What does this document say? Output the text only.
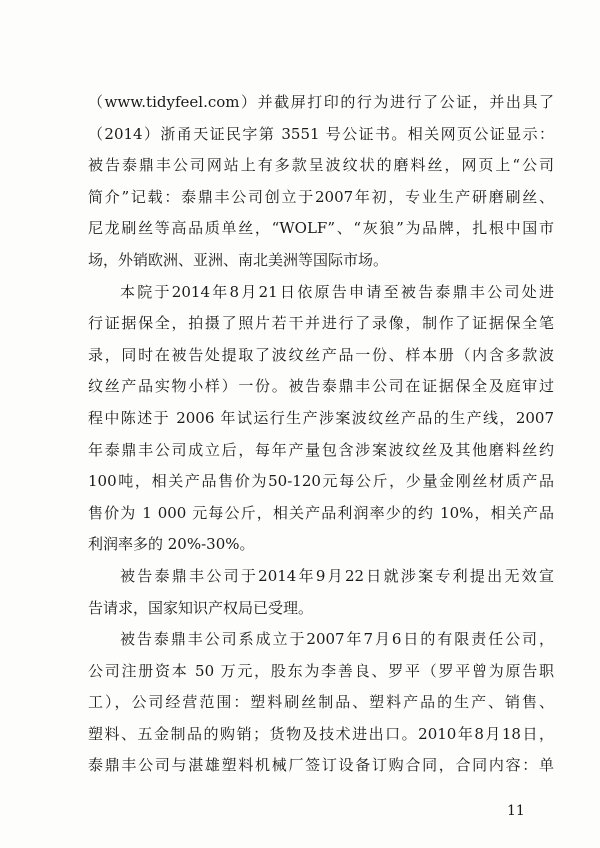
（www.tidyfeel.com）并截屏打印的行为进行了公证，并出具了
（2014）浙甬天证民字第 3551 号公证书。相关网页公证显示：
被告泰鼎丰公司网站上有多款呈波纹状的磨料丝，网页上“公司
简介”记载：泰鼎丰公司创立于2007年初，专业生产研磨刷丝、
尼龙刷丝等高品质单丝，“WOLF”、“灰狼”为品牌，扎根中国市
场，外销欧洲、亚洲、南北美洲等国际市场。
本院于2014年8月21日依原告申请至被告泰鼎丰公司处进
行证据保全，拍摄了照片若干并进行了录像，制作了证据保全笔
录，同时在被告处提取了波纹丝产品一份、样本册（内含多款波
纹丝产品实物小样）一份。被告泰鼎丰公司在证据保全及庭审过
程中陈述于 2006 年试运行生产涉案波纹丝产品的生产线，2007
年泰鼎丰公司成立后，每年产量包含涉案波纹丝及其他磨料丝约
100吨，相关产品售价为50-120元每公斤，少量金刚丝材质产品
售价为 1 000 元每公斤，相关产品利润率少的约 10%，相关产品
利润率多的 20%-30%。
被告泰鼎丰公司于2014年9月22日就涉案专利提出无效宣
告请求，国家知识产权局已受理。
被告泰鼎丰公司系成立于2007年7月6日的有限责任公司，
公司注册资本 50 万元，股东为李善良、罗平（罗平曾为原告职
工），公司经营范围：塑料刷丝制品、塑料产品的生产、销售、
塑料、五金制品的购销；货物及技术进出口。2010年8月18日，
泰鼎丰公司与湛雄塑料机械厂签订设备订购合同，合同内容：单
11
